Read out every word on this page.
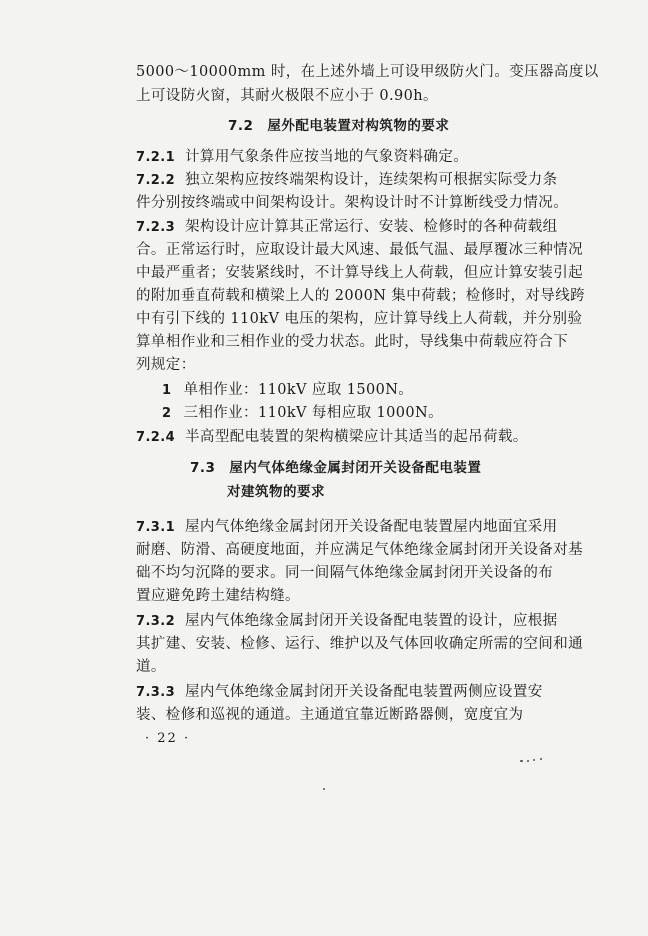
5000～10000mm 时，在上述外墙上可设甲级防火门。变压器高度以
上可设防火窗，其耐火极限不应小于 0.90h。
7.2　屋外配电装置对构筑物的要求
7.2.1 计算用气象条件应按当地的气象资料确定。
7.2.2 独立架构应按终端架构设计，连续架构可根据实际受力条
件分别按终端或中间架构设计。架构设计时不计算断线受力情况。
7.2.3 架构设计应计算其正常运行、安装、检修时的各种荷载组
合。正常运行时，应取设计最大风速、最低气温、最厚覆冰三种情况
中最严重者；安装紧线时，不计算导线上人荷载，但应计算安装引起
的附加垂直荷载和横梁上人的 2000N 集中荷载；检修时，对导线跨
中有引下线的 110kV 电压的架构，应计算导线上人荷载，并分别验
算单相作业和三相作业的受力状态。此时，导线集中荷载应符合下
列规定：
1 单相作业：110kV 应取 1500N。
2 三相作业：110kV 每相应取 1000N。
7.2.4 半高型配电装置的架构横梁应计其适当的起吊荷载。
7.3　屋内气体绝缘金属封闭开关设备配电装置
对建筑物的要求
7.3.1 屋内气体绝缘金属封闭开关设备配电装置屋内地面宜采用
耐磨、防滑、高硬度地面，并应满足气体绝缘金属封闭开关设备对基
础不均匀沉降的要求。同一间隔气体绝缘金属封闭开关设备的布
置应避免跨土建结构缝。
7.3.2 屋内气体绝缘金属封闭开关设备配电装置的设计，应根据
其扩建、安装、检修、运行、维护以及气体回收确定所需的空间和通
道。
7.3.3 屋内气体绝缘金属封闭开关设备配电装置两侧应设置安
装、检修和巡视的通道。主通道宜靠近断路器侧，宽度宜为
· 22 ·
